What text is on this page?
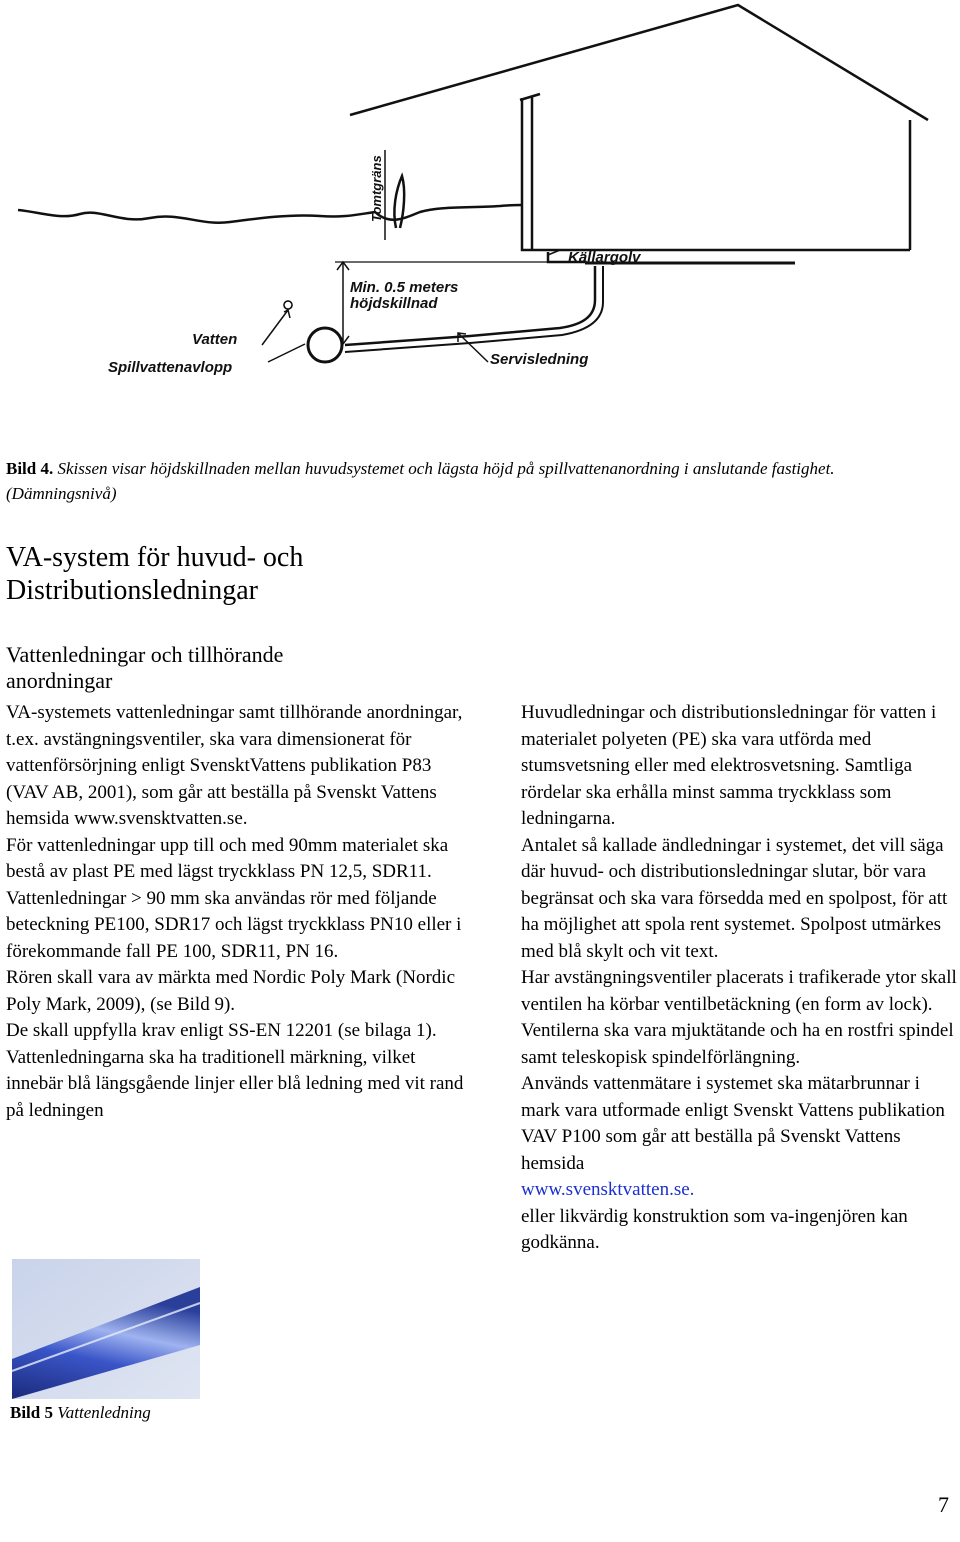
Tomtgräns
Källargolv
Min. 0.5 meters
höjdskillnad
Vatten
Spillvattenavlopp	Servisledning
Bild 4. Skissen visar höjdskillnaden mellan huvudsystemet och lägsta höjd på spillvattenanordning i anslutande fastighet. (Dämningsnivå)
VA-system för huvud- och
Distributionsledningar
Vattenledningar och tillhörande
anordningar

VA-systemets vattenledningar samt tillhörande anordningar, t.ex. avstängningsventiler, ska vara dimensionerat för vattenförsörjning enligt SvensktVattens publikation P83 (VAV AB, 2001), som går att beställa på Svenskt Vattens hemsida www.svensktvatten.se.

För vattenledningar upp till och med 90mm materialet ska bestå av plast PE med lägst tryckklass PN 12,5, SDR11.

Vattenledningar > 90 mm ska användas rör med följande beteckning PE100, SDR17 och lägst tryckklass PN10 eller i förekommande fall PE 100, SDR11, PN 16.

Rören skall vara av märkta med Nordic Poly Mark (Nordic Poly Mark, 2009), (se Bild 9).

De skall uppfylla krav enligt SS-EN 12201 (se bilaga 1).

Vattenledningarna ska ha traditionell märkning, vilket innebär blå längsgående linjer eller blå ledning med vit rand på ledningen

Huvudledningar och distributionsledningar för vatten i materialet polyeten (PE) ska vara utförda med stumsvetsning eller med elektrosvetsning. Samtliga rördelar ska erhålla minst samma tryckklass som ledningarna.

Antalet så kallade ändledningar i systemet, det vill säga där huvud- och distributionsledningar slutar, bör vara begränsat och ska vara försedda med en spolpost, för att ha möjlighet att spola rent systemet. Spolpost utmärkes med blå skylt och vit text.

Har avstängningsventiler placerats i trafikerade ytor skall ventilen ha körbar ventilbetäckning (en form av lock). Ventilerna ska vara mjuktätande och ha en rostfri spindel samt teleskopisk spindelförlängning.

Används vattenmätare i systemet ska mätarbrunnar i mark vara utformade enligt Svenskt Vattens publikation VAV P100 som går att beställa på Svenskt Vattens hemsida

www.svensktvatten.se.

eller likvärdig konstruktion som va-ingenjören kan godkänna.

Bild 5 Vattenledning
7
